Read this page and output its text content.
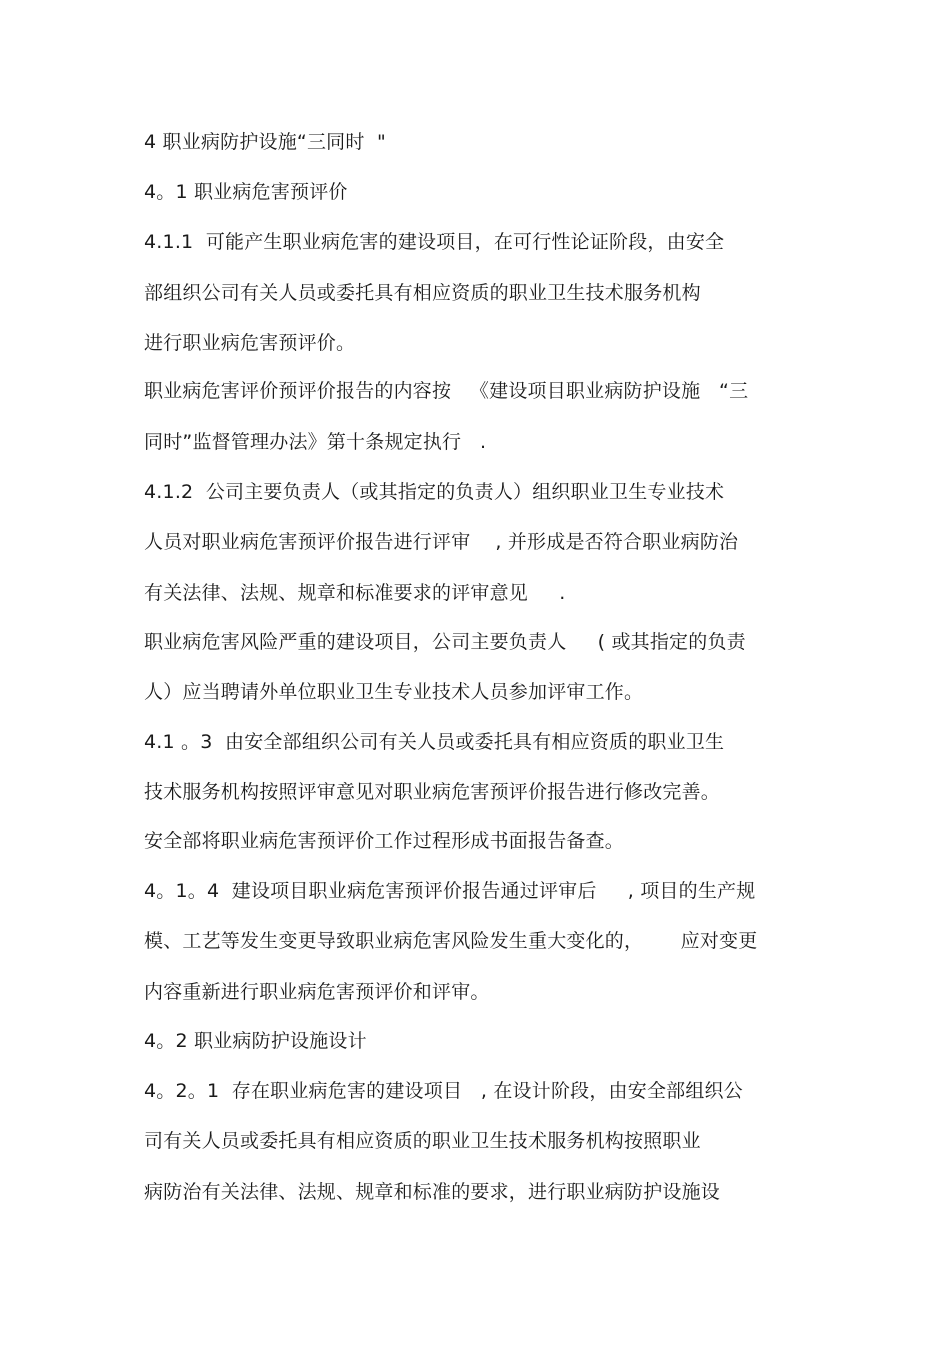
4 职业病防护设施“三同时  "
4。1 职业病危害预评价
4.1.1  可能产生职业病危害的建设项目，在可行性论证阶段，由安全
部组织公司有关人员或委托具有相应资质的职业卫生技术服务机构
进行职业病危害预评价。
职业病危害评价预评价报告的内容按   《建设项目职业病防护设施   “三
同时”监督管理办法》第十条规定执行   .
4.1.2  公司主要负责人（或其指定的负责人）组织职业卫生专业技术
人员对职业病危害预评价报告进行评审    , 并形成是否符合职业病防治
有关法律、法规、规章和标准要求的评审意见     .
职业病危害风险严重的建设项目，公司主要负责人     ( 或其指定的负责
人）应当聘请外单位职业卫生专业技术人员参加评审工作。
4.1 。3  由安全部组织公司有关人员或委托具有相应资质的职业卫生
技术服务机构按照评审意见对职业病危害预评价报告进行修改完善。
安全部将职业病危害预评价工作过程形成书面报告备查。
4。1。4  建设项目职业病危害预评价报告通过评审后     , 项目的生产规
模、工艺等发生变更导致职业病危害风险发生重大变化的，      应对变更
内容重新进行职业病危害预评价和评审。
4。2 职业病防护设施设计
4。2。1  存在职业病危害的建设项目   , 在设计阶段，由安全部组织公
司有关人员或委托具有相应资质的职业卫生技术服务机构按照职业
病防治有关法律、法规、规章和标准的要求，进行职业病防护设施设
